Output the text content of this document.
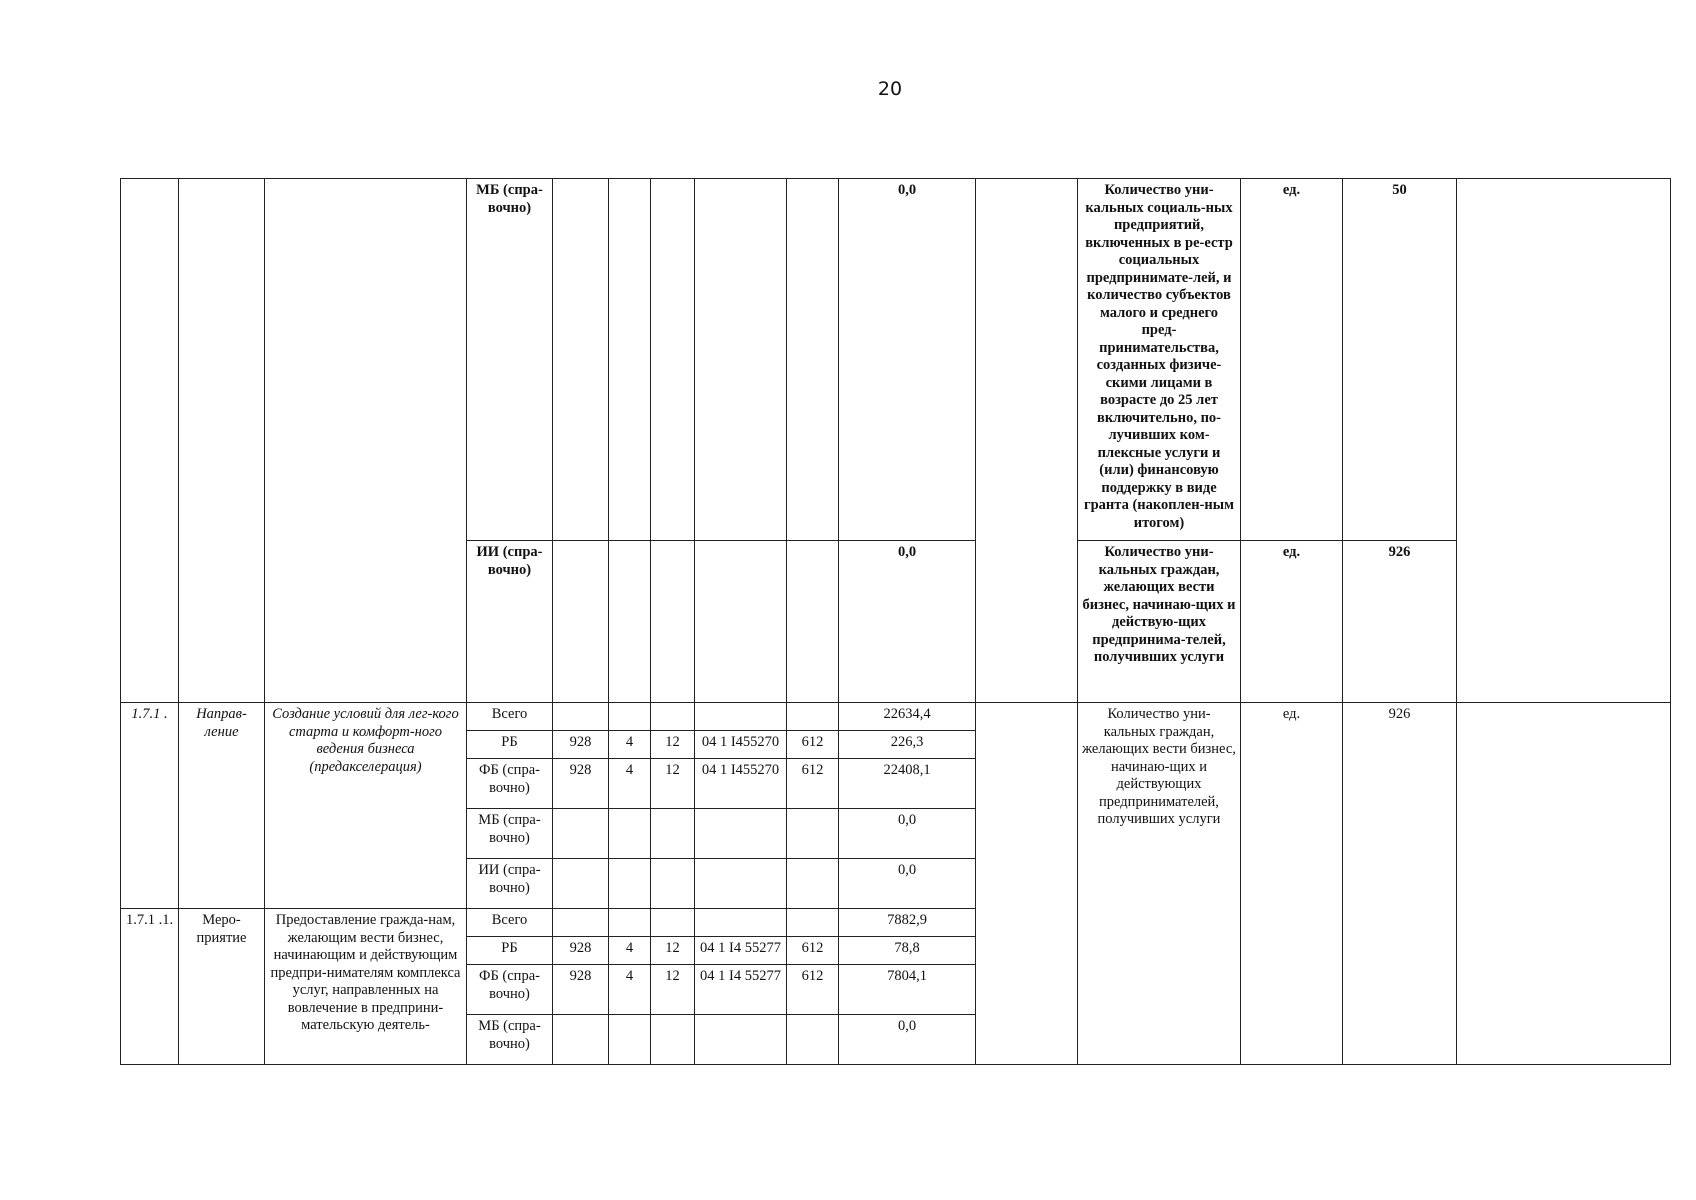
20
			МБ (спра-вочно)						0,0		Количество уни-кальных социаль-ных предприятий, включенных в ре-естр социальных предпринимате-лей, и количество субъектов малого и среднего пред-принимательства, созданных физиче-скими лицами в возрасте до 25 лет включительно, по-лучивших ком-плексные услуги и (или) финансовую поддержку в виде гранта (накоплен-ным итогом)	ед.	50	
			ИИ (спра-вочно)						0,0		Количество уни-кальных граждан, желающих вести бизнес, начинаю-щих и действую-щих предпринима-телей, получивших услуги	ед.	926	
1.7.1 .	Направ-ление	Создание условий для лег-кого старта и комфорт-ного ведения бизнеса (предакселерация)	Всего						22634,4		Количество уни-кальных граждан, желающих вести бизнес, начинаю-щих и действующих предпринимателей, получивших услуги	ед.	926	
			РБ	928	4	12	04 1 I455270	612	226,3					
			ФБ (спра-вочно)	928	4	12	04 1 I455270	612	22408,1					
			МБ (спра-вочно)						0,0					
			ИИ (спра-вочно)						0,0					
1.7.1 .1.	Меро-приятие	Предоставление гражда-нам, желающим вести бизнес, начинающим и действующим предпри-нимателям комплекса услуг, направленных на вовлечение в предприни-мательскую деятель-	Всего						7882,9					
			РБ	928	4	12	04 1 I4 55277	612	78,8					
			ФБ (спра-вочно)	928	4	12	04 1 I4 55277	612	7804,1					
			МБ (спра-вочно)						0,0					
